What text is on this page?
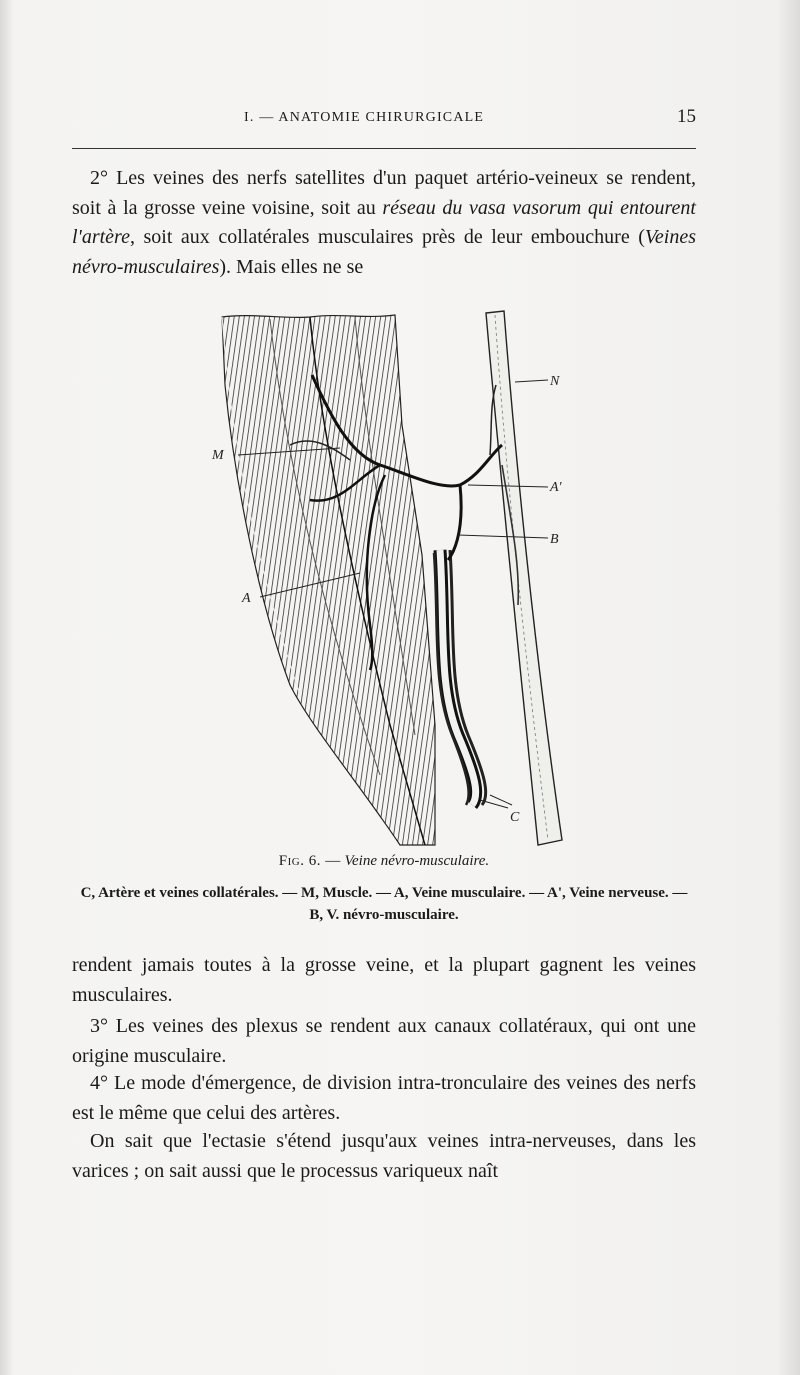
I. — ANATOMIE CHIRURGICALE	15

2° Les veines des nerfs satellites d'un paquet artério-veineux se rendent, soit à la grosse veine voisine, soit au réseau du vasa vasorum qui entourent l'artère, soit aux collatérales musculaires près de leur embouchure (Veines névro-musculaires). Mais elles ne se

N
M
A'
B
A
C
Fig. 6. — Veine névro-musculaire.
C, Artère et veines collatérales. — M, Muscle. — A, Veine musculaire. — A', Veine nerveuse. — B, V. névro-musculaire.

rendent jamais toutes à la grosse veine, et la plupart gagnent les veines musculaires.

3° Les veines des plexus se rendent aux canaux collatéraux, qui ont une origine musculaire.

4° Le mode d'émergence, de division intra-tronculaire des veines des nerfs est le même que celui des artères.

On sait que l'ectasie s'étend jusqu'aux veines intra-nerveuses, dans les varices ; on sait aussi que le processus variqueux naît
